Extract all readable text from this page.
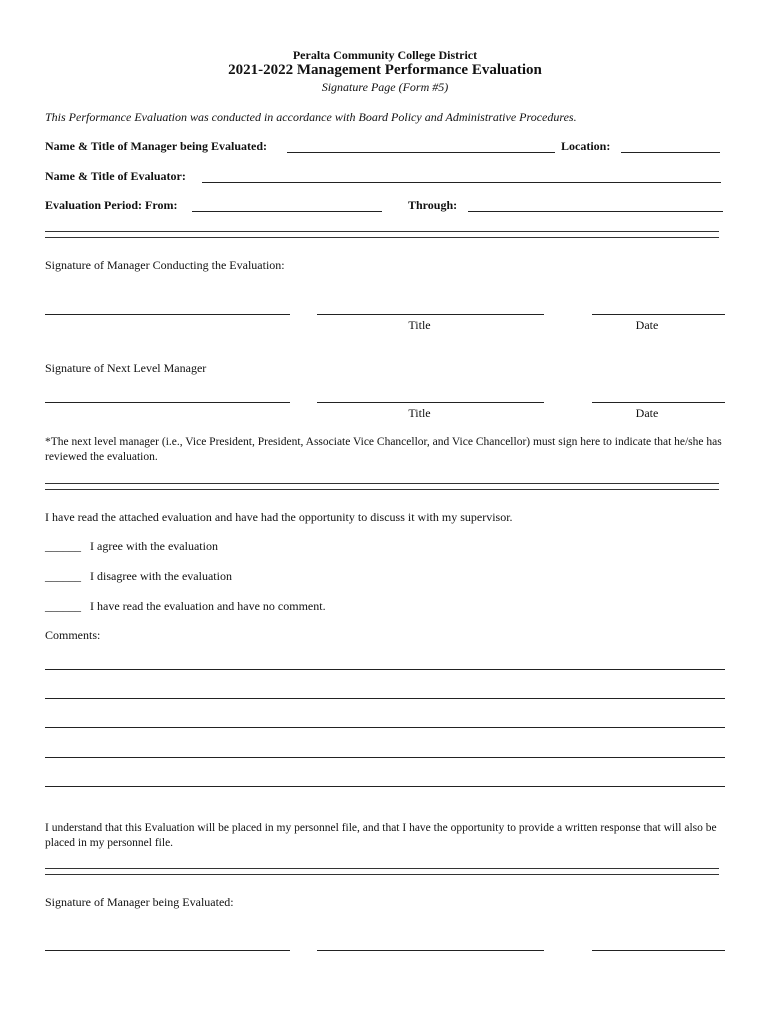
Peralta Community College District
2021-2022 Management Performance Evaluation
Signature Page (Form #5)
This Performance Evaluation was conducted in accordance with Board Policy and Administrative Procedures.
Name & Title of Manager being Evaluated:	Location:
Name & Title of Evaluator:
Evaluation Period: From:	Through:
Signature of Manager Conducting the Evaluation:
Title	Date
Signature of Next Level Manager
Title	Date
*The next level manager (i.e., Vice President, President, Associate Vice Chancellor, and Vice Chancellor) must sign here to indicate that he/she has reviewed the evaluation.
I have read the attached evaluation and have had the opportunity to discuss it with my supervisor.
______ I agree with the evaluation
______ I disagree with the evaluation
______ I have read the evaluation and have no comment.
Comments:
I understand that this Evaluation will be placed in my personnel file, and that I have the opportunity to provide a written response that will also be placed in my personnel file.
Signature of Manager being Evaluated:
